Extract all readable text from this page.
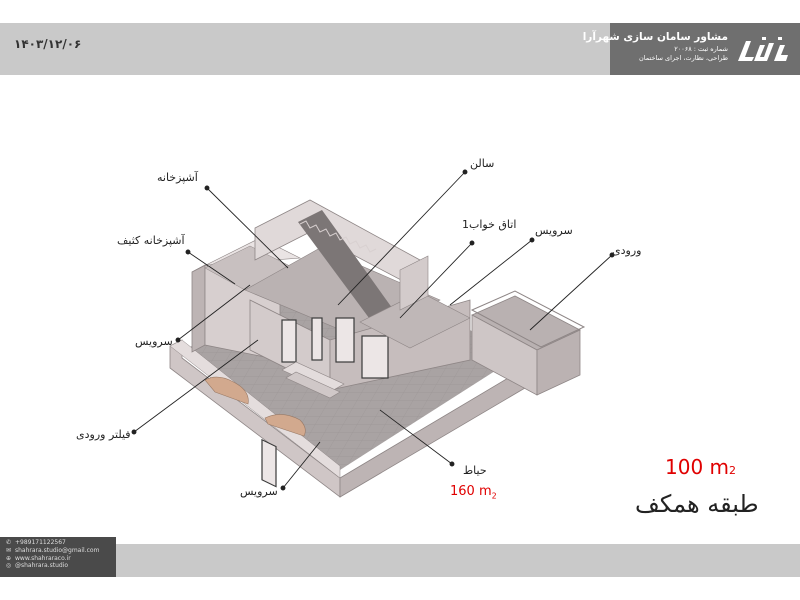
۱۴۰۳/۱۲/۰۶	مشاور سامان سازی شهرآرا
شماره ثبت : ۲۰۰۶۸
طراحی، نظارت، اجرای ساختمان
✆ +989171122567
✉ shahrara.studio@gmail.com
⊕ www.shahraraco.ir
◎ @shahrara.studio
آشپزخانه
سالن
آشپزخانه کثیف
اتاق خواب1 سرویس
ورودی
سرویس
فیلتر ورودی
حیاط
سرویس
100 m2
160 $m_2$	طبقه همکف
